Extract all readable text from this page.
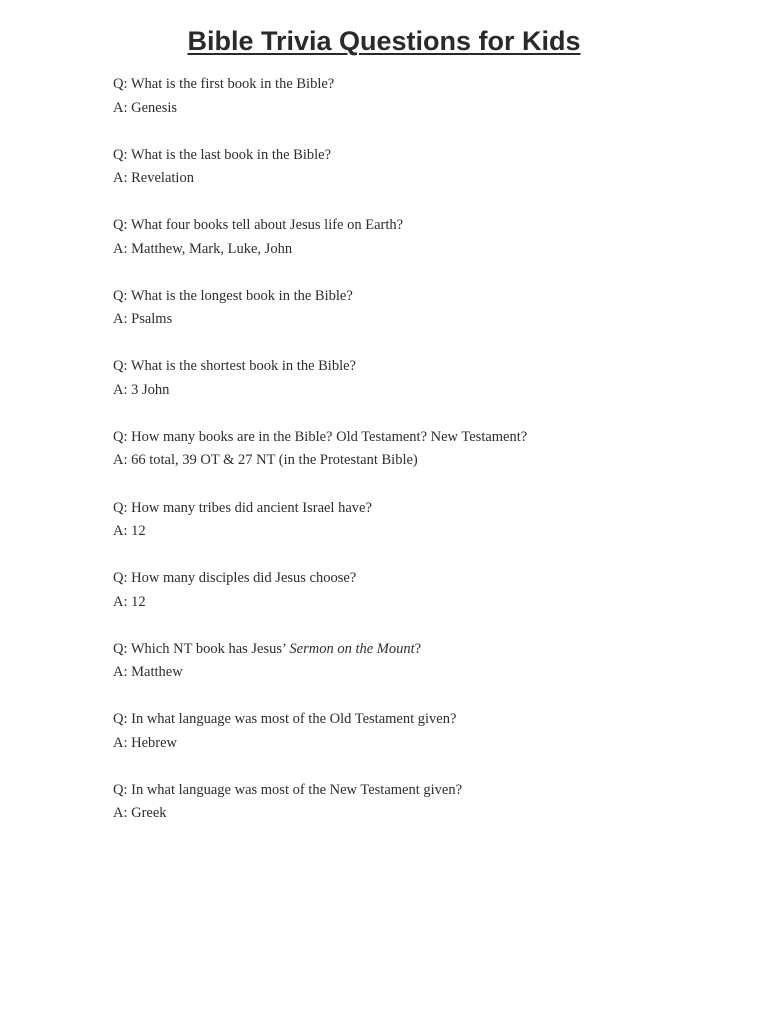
Bible Trivia Questions for Kids
Q: What is the first book in the Bible?
A: Genesis
Q: What is the last book in the Bible?
A: Revelation
Q: What four books tell about Jesus life on Earth?
A: Matthew, Mark, Luke, John
Q: What is the longest book in the Bible?
A: Psalms
Q: What is the shortest book in the Bible?
A: 3 John
Q: How many books are in the Bible? Old Testament? New Testament?
A: 66 total, 39 OT & 27 NT (in the Protestant Bible)
Q: How many tribes did ancient Israel have?
A: 12
Q: How many disciples did Jesus choose?
A: 12
Q: Which NT book has Jesus’ Sermon on the Mount?
A: Matthew
Q: In what language was most of the Old Testament given?
A: Hebrew
Q: In what language was most of the New Testament given?
A: Greek
